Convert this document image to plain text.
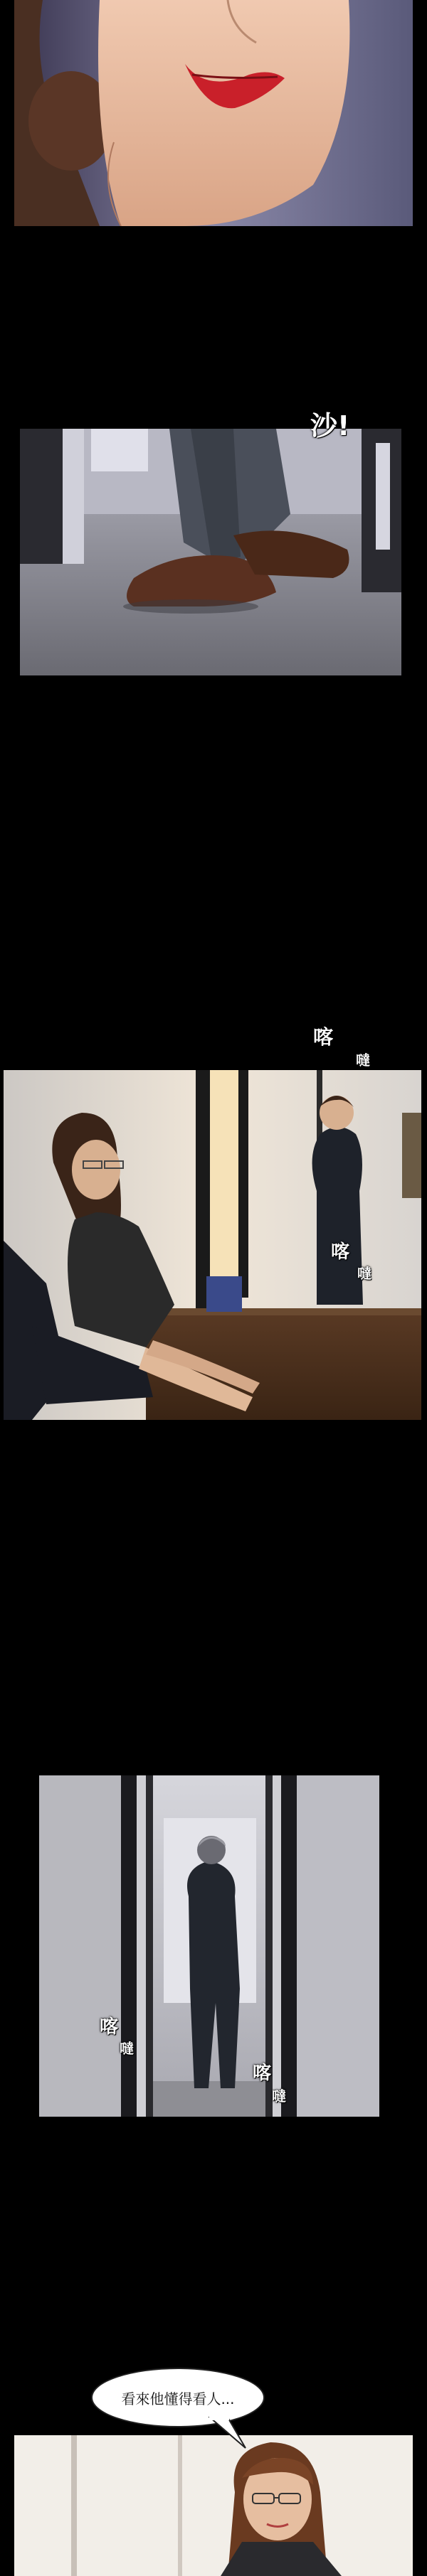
沙!
喀
噠
喀
噠
喀
噠
喀
噠
看來他懂得看人...
